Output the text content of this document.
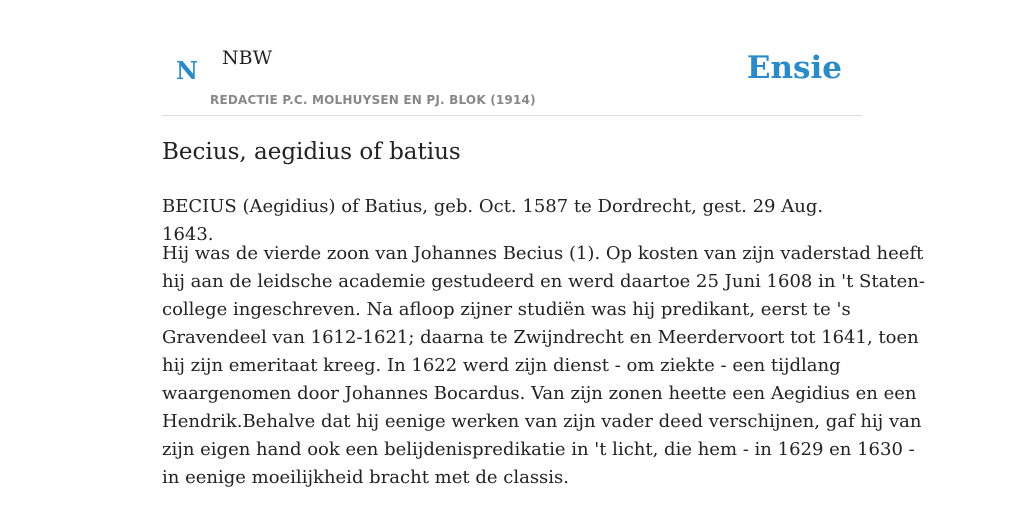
N NBW
REDACTIE P.C. MOLHUYSEN EN PJ. BLOK (1914)
Ensie
Becius, aegidius of batius

BECIUS (Aegidius) of Batius, geb. Oct. 1587 te Dordrecht, gest. 29 Aug. 1643.

Hij was de vierde zoon van Johannes Becius (1). Op kosten van zijn vaderstad heeft
hij aan de leidsche academie gestudeerd en werd daartoe 25 Juni 1608 in 't Staten-
college ingeschreven. Na afloop zijner studiën was hij predikant, eerst te 's
Gravendeel van 1612-1621; daarna te Zwijndrecht en Meerdervoort tot 1641, toen
hij zijn emeritaat kreeg. In 1622 werd zijn dienst - om ziekte - een tijdlang
waargenomen door Johannes Bocardus. Van zijn zonen heette een Aegidius en een
Hendrik.Behalve dat hij eenige werken van zijn vader deed verschijnen, gaf hij van
zijn eigen hand ook een belijdenispredikatie in 't licht, die hem - in 1629 en 1630 -
in eenige moeilijkheid bracht met de classis.
